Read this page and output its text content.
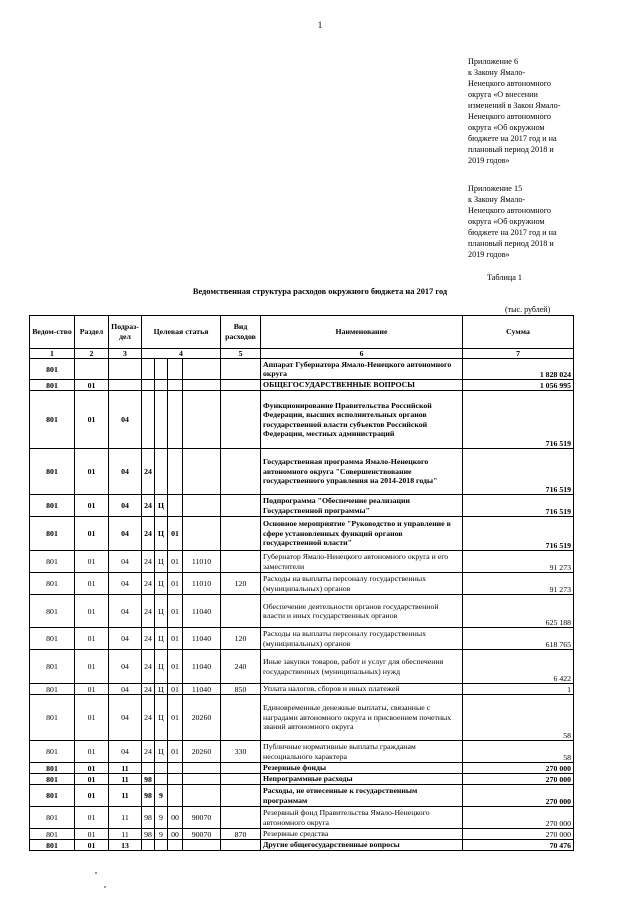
1
Приложение 6
к Закону Ямало-
Ненецкого автономного
округа «О внесении
изменений в Закон Ямало-
Ненецкого автономного
округа «Об окружном
бюджете на 2017 год и на
плановый период 2018 и
2019 годов»
Приложение 15
к Закону Ямало-
Ненецкого автономного
округа «Об окружном
бюджете на 2017 год и на
плановый период 2018 и
2019 годов»
Таблица 1
Ведомственная структура расходов окружного бюджета на 2017 год
(тыс. рублей)
Ведом-ство	Раздел	Подраз-дел	Целевая статья				Вид расходов	Наименование	Сумма
1	2	3	4				5	6	7
801								Аппарат Губернатора Ямало-Ненецкого автономного округа	1 828 024
801	01							ОБЩЕГОСУДАРСТВЕННЫЕ ВОПРОСЫ	1 056 995
801	01	04						Функционирование Правительства Российской Федерации, высших исполнительных органов государственной власти субъектов Российской Федерации, местных администраций	716 519
801	01	04	24					Государственная программа Ямало-Ненецкого автономного округа "Совершенствование государственного управления на 2014-2018 годы"	716 519
801	01	04	24	Ц				Подпрограмма "Обеспечение реализации Государственной программы"	716 519
801	01	04	24	Ц	01			Основное мероприятие "Руководство и управление в сфере установленных функций органов государственной власти"	716 519
801	01	04	24	Ц	01	11010		Губернатор Ямало-Ненецкого автономного округа и его заместители	91 273
801	01	04	24	Ц	01	11010	120	Расходы на выплаты персоналу государственных (муниципальных) органов	91 273
801	01	04	24	Ц	01	11040		Обеспечение деятельности органов государственной власти и иных государственных органов	625 188
801	01	04	24	Ц	01	11040	120	Расходы на выплаты персоналу государственных (муниципальных) органов	618 765
801	01	04	24	Ц	01	11040	240	Иные закупки товаров, работ и услуг для обеспечения государственных (муниципальных) нужд	6 422
801	01	04	24	Ц	01	11040	850	Уплата налогов, сборов и иных платежей	1
801	01	04	24	Ц	01	20260		Единовременные денежные выплаты, связанные с наградами автономного округа и присвоением почетных званий автономного округа	58
801	01	04	24	Ц	01	20260	330	Публичные нормативные выплаты гражданам несоциального характера	58
801	01	11						Резервные фонды	270 000
801	01	11	98					Непрограммные расходы	270 000
801	01	11	98	9				Расходы, не отнесенные к государственным программам	270 000
801	01	11	98	9	00	90070		Резервный фонд Правительства Ямало-Ненецкого автономного округа	270 000
801	01	11	98	9	00	90070	870	Резервные средства	270 000
801	01	13						Другие общегосударственные вопросы	70 476
